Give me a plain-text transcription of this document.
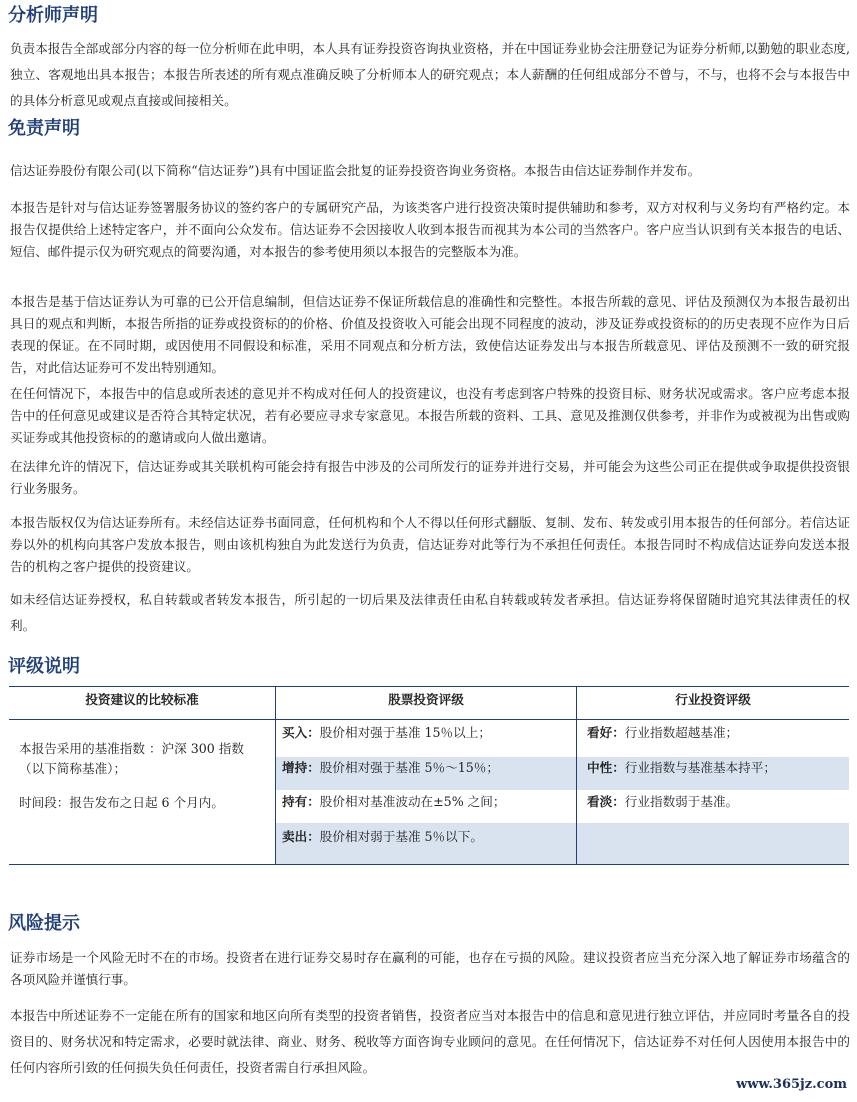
分析师声明

负责本报告全部或部分内容的每一位分析师在此申明，本人具有证券投资咨询执业资格，并在中国证券业协会注册登记为证券分析师,以勤勉的职业态度,独立、客观地出具本报告；本报告所表述的所有观点准确反映了分析师本人的研究观点；本人薪酬的任何组成部分不曾与，不与，也将不会与本报告中的具体分析意见或观点直接或间接相关。

免责声明

信达证券股份有限公司(以下简称“信达证券”)具有中国证监会批复的证券投资咨询业务资格。本报告由信达证券制作并发布。

本报告是针对与信达证券签署服务协议的签约客户的专属研究产品，为该类客户进行投资决策时提供辅助和参考，双方对权利与义务均有严格约定。本报告仅提供给上述特定客户，并不面向公众发布。信达证券不会因接收人收到本报告而视其为本公司的当然客户。客户应当认识到有关本报告的电话、短信、邮件提示仅为研究观点的简要沟通，对本报告的参考使用须以本报告的完整版本为准。

本报告是基于信达证券认为可靠的已公开信息编制，但信达证券不保证所载信息的准确性和完整性。本报告所载的意见、评估及预测仅为本报告最初出具日的观点和判断，本报告所指的证券或投资标的的价格、价值及投资收入可能会出现不同程度的波动，涉及证券或投资标的的历史表现不应作为日后表现的保证。在不同时期，或因使用不同假设和标准，采用不同观点和分析方法，致使信达证券发出与本报告所载意见、评估及预测不一致的研究报告，对此信达证券可不发出特别通知。

在任何情况下，本报告中的信息或所表述的意见并不构成对任何人的投资建议，也没有考虑到客户特殊的投资目标、财务状况或需求。客户应考虑本报告中的任何意见或建议是否符合其特定状况，若有必要应寻求专家意见。本报告所载的资料、工具、意见及推测仅供参考，并非作为或被视为出售或购买证券或其他投资标的的邀请或向人做出邀请。

在法律允许的情况下，信达证券或其关联机构可能会持有报告中涉及的公司所发行的证券并进行交易，并可能会为这些公司正在提供或争取提供投资银行业务服务。

本报告版权仅为信达证券所有。未经信达证券书面同意，任何机构和个人不得以任何形式翻版、复制、发布、转发或引用本报告的任何部分。若信达证券以外的机构向其客户发放本报告，则由该机构独自为此发送行为负责，信达证券对此等行为不承担任何责任。本报告同时不构成信达证券向发送本报告的机构之客户提供的投资建议。

如未经信达证券授权，私自转载或者转发本报告，所引起的一切后果及法律责任由私自转载或转发者承担。信达证券将保留随时追究其法律责任的权利。

评级说明
投资建议的比较标准	股票投资评级	行业投资评级
本报告采用的基准指数 ：沪深 300 指数（以下简称基准）；
时间段：报告发布之日起 6 个月内。
买入：股价相对强于基准 15％以上；
增持：股价相对强于基准 5％～15％；
持有：股价相对基准波动在±5% 之间；
卖出：股价相对弱于基准 5％以下。
看好：行业指数超越基准；
中性：行业指数与基准基本持平；
看淡：行业指数弱于基准。
风险提示

证券市场是一个风险无时不在的市场。投资者在进行证券交易时存在赢利的可能，也存在亏损的风险。建议投资者应当充分深入地了解证券市场蕴含的各项风险并谨慎行事。

本报告中所述证券不一定能在所有的国家和地区向所有类型的投资者销售，投资者应当对本报告中的信息和意见进行独立评估，并应同时考量各自的投资目的、财务状况和特定需求，必要时就法律、商业、财务、税收等方面咨询专业顾问的意见。在任何情况下，信达证券不对任何人因使用本报告中的任何内容所引致的任何损失负任何责任，投资者需自行承担风险。

www.365jz.com
